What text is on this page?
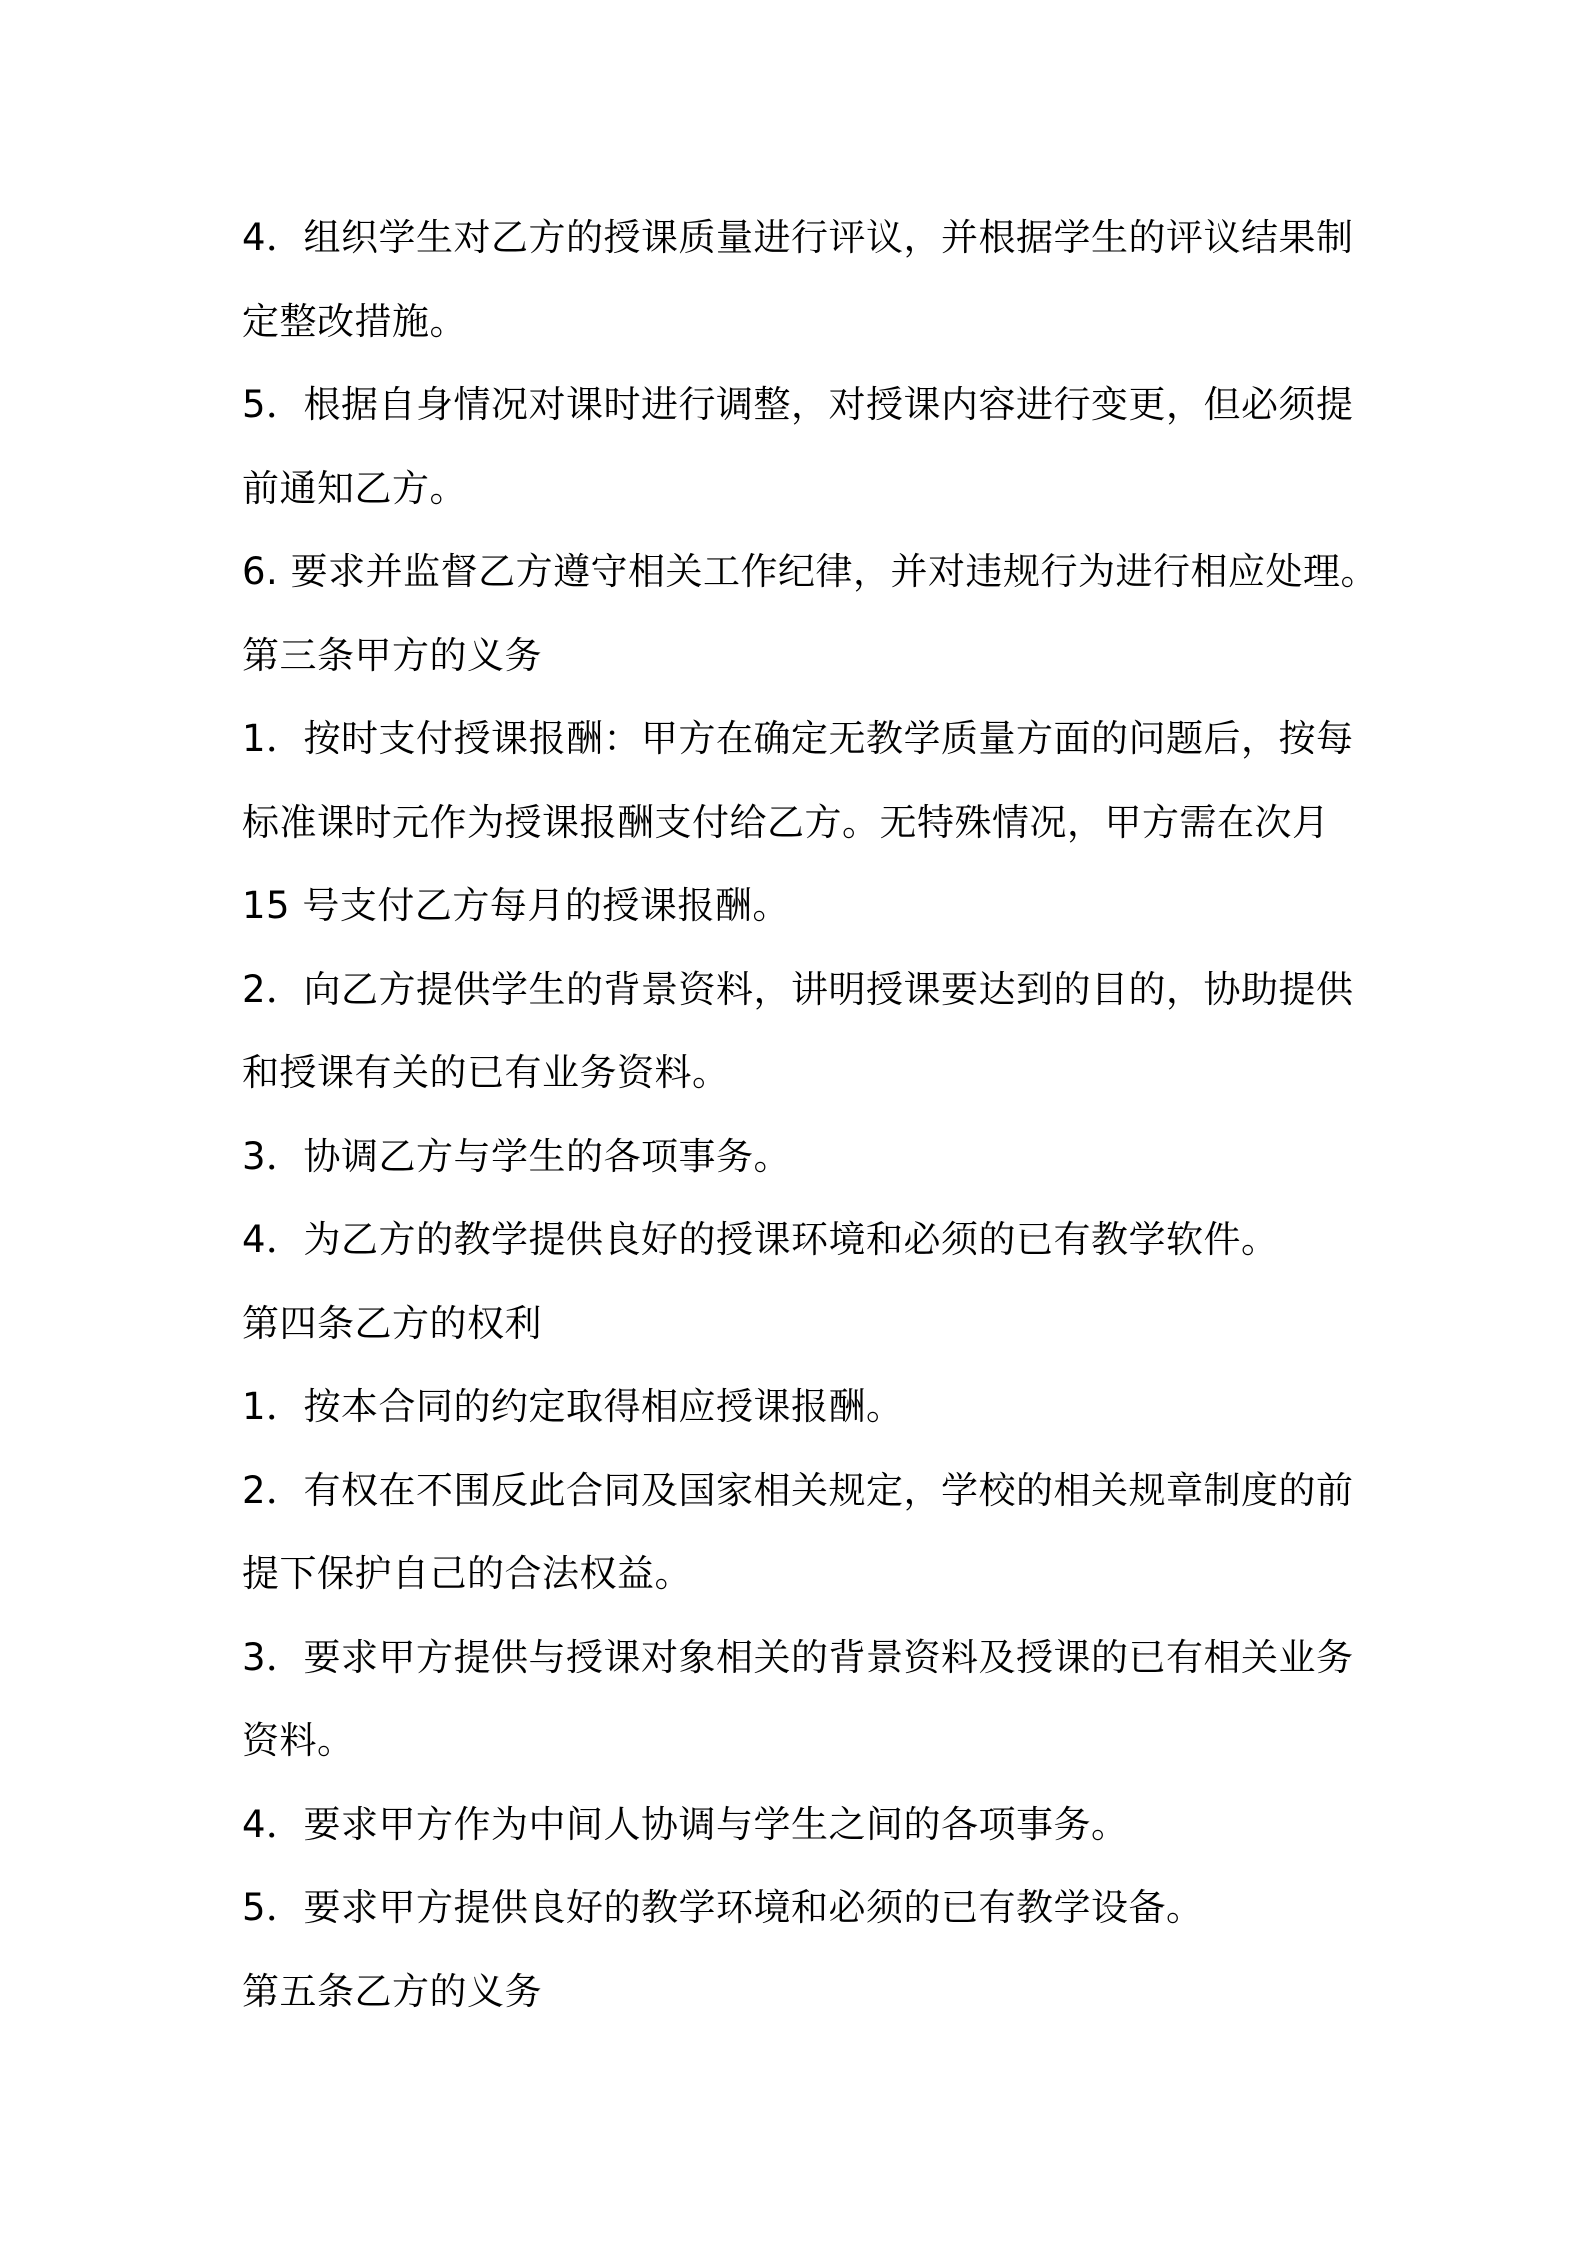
4．组织学生对乙方的授课质量进行评议，并根据学生的评议结果制
定整改措施。
5．根据自身情况对课时进行调整，对授课内容进行变更，但必须提
前通知乙方。
6. 要求并监督乙方遵守相关工作纪律，并对违规行为进行相应处理。
第三条甲方的义务
1．按时支付授课报酬：甲方在确定无教学质量方面的问题后，按每
标准课时元作为授课报酬支付给乙方。无特殊情况，甲方需在次月
15 号支付乙方每月的授课报酬。
2．向乙方提供学生的背景资料，讲明授课要达到的目的，协助提供
和授课有关的已有业务资料。
3．协调乙方与学生的各项事务。
4．为乙方的教学提供良好的授课环境和必须的已有教学软件。
第四条乙方的权利
1．按本合同的约定取得相应授课报酬。
2．有权在不围反此合同及国家相关规定，学校的相关规章制度的前
提下保护自己的合法权益。
3．要求甲方提供与授课对象相关的背景资料及授课的已有相关业务
资料。
4．要求甲方作为中间人协调与学生之间的各项事务。
5．要求甲方提供良好的教学环境和必须的已有教学设备。
第五条乙方的义务
